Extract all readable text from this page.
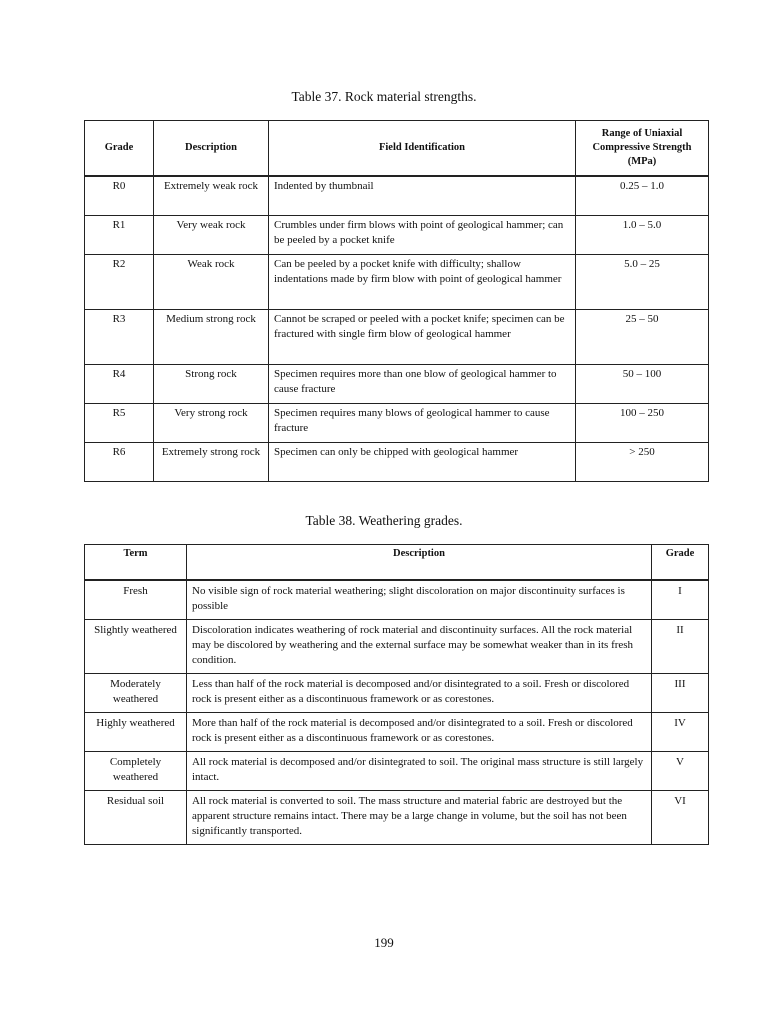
Table 37. Rock material strengths.
Grade	Description	Field Identification	Range of Uniaxial Compressive Strength (MPa)
R0	Extremely weak rock	Indented by thumbnail	0.25 – 1.0
R1	Very weak rock	Crumbles under firm blows with point of geological hammer; can be peeled by a pocket knife	1.0 – 5.0
R2	Weak rock	Can be peeled by a pocket knife with difficulty; shallow indentations made by firm blow with point of geological hammer	5.0 – 25
R3	Medium strong rock	Cannot be scraped or peeled with a pocket knife; specimen can be fractured with single firm blow of geological hammer	25 – 50
R4	Strong rock	Specimen requires more than one blow of geological hammer to cause fracture	50 – 100
R5	Very strong rock	Specimen requires many blows of geological hammer to cause fracture	100 – 250
R6	Extremely strong rock	Specimen can only be chipped with geological hammer	> 250
Table 38. Weathering grades.
Term	Description	Grade
Fresh	No visible sign of rock material weathering; slight discoloration on major discontinuity surfaces is possible	I
Slightly weathered	Discoloration indicates weathering of rock material and discontinuity surfaces. All the rock material may be discolored by weathering and the external surface may be somewhat weaker than in its fresh condition.	II
Moderately weathered	Less than half of the rock material is decomposed and/or disintegrated to a soil. Fresh or discolored rock is present either as a discontinuous framework or as corestones.	III
Highly weathered	More than half of the rock material is decomposed and/or disintegrated to a soil. Fresh or discolored rock is present either as a discontinuous framework or as corestones.	IV
Completely weathered	All rock material is decomposed and/or disintegrated to soil. The original mass structure is still largely intact.	V
Residual soil	All rock material is converted to soil. The mass structure and material fabric are destroyed but the apparent structure remains intact. There may be a large change in volume, but the soil has not been significantly transported.	VI
199
